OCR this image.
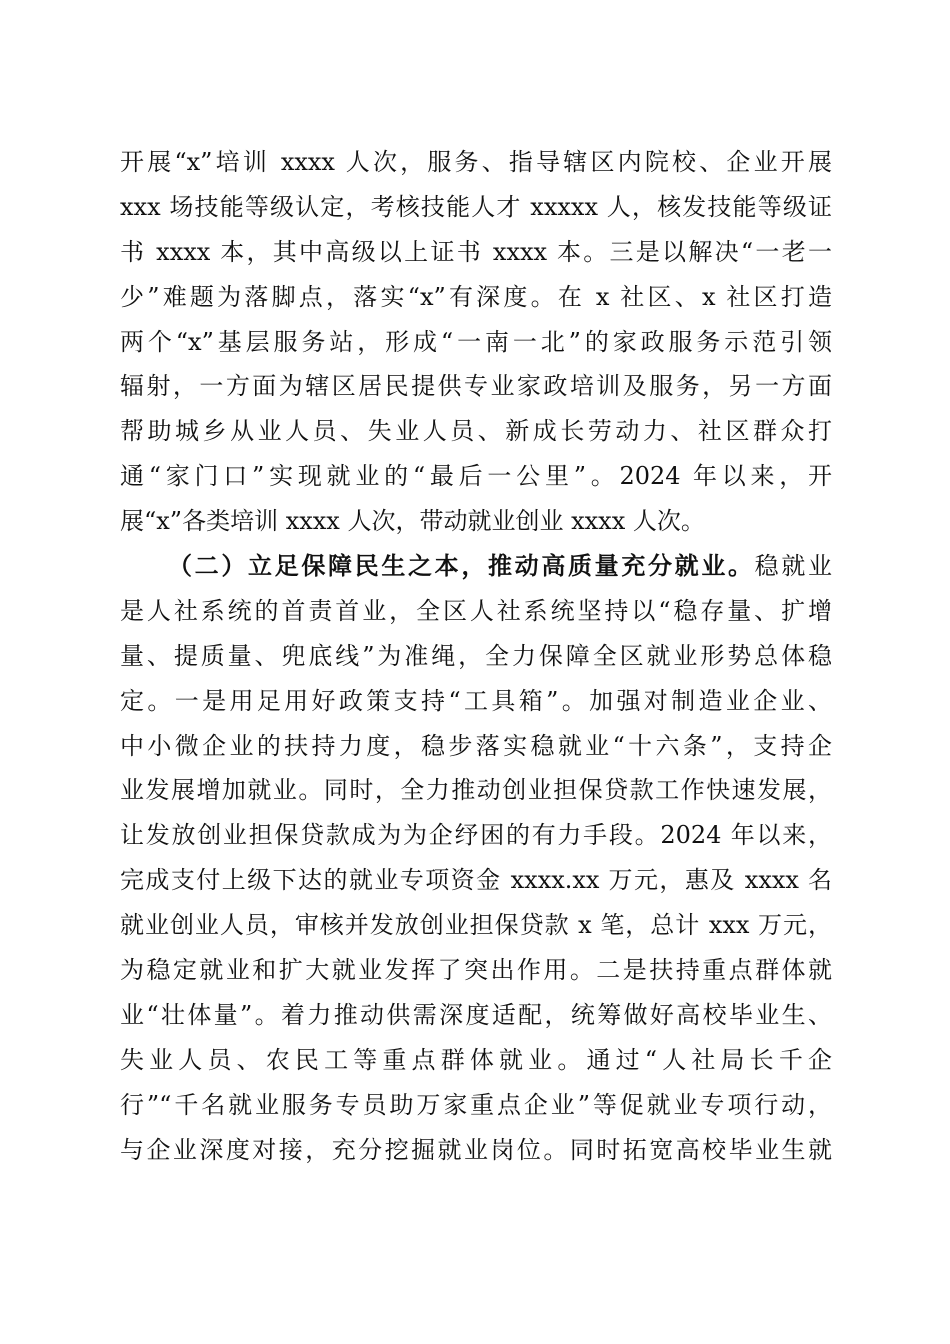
开展“x”培训 xxxx 人次，服务、指导辖区内院校、企业开展
xxx 场技能等级认定，考核技能人才 xxxxx 人，核发技能等级证
书 xxxx 本，其中高级以上证书 xxxx 本。三是以解决“一老一
少”难题为落脚点，落实“x”有深度。在 x 社区、x 社区打造
两个“x”基层服务站，形成“一南一北”的家政服务示范引领
辐射，一方面为辖区居民提供专业家政培训及服务，另一方面
帮助城乡从业人员、失业人员、新成长劳动力、社区群众打
通“家门口”实现就业的“最后一公里”。2024 年以来，开
展“x”各类培训 xxxx 人次，带动就业创业 xxxx 人次。
（二）立足保障民生之本，推动高质量充分就业。稳就业
是人社系统的首责首业，全区人社系统坚持以“稳存量、扩增
量、提质量、兜底线”为准绳，全力保障全区就业形势总体稳
定。一是用足用好政策支持“工具箱”。加强对制造业企业、
中小微企业的扶持力度，稳步落实稳就业“十六条”，支持企
业发展增加就业。同时，全力推动创业担保贷款工作快速发展，
让发放创业担保贷款成为为企纾困的有力手段。2024 年以来，
完成支付上级下达的就业专项资金 xxxx.xx 万元，惠及 xxxx 名
就业创业人员，审核并发放创业担保贷款 x 笔，总计 xxx 万元，
为稳定就业和扩大就业发挥了突出作用。二是扶持重点群体就
业“壮体量”。着力推动供需深度适配，统筹做好高校毕业生、
失业人员、农民工等重点群体就业。通过“人社局长千企
行”“千名就业服务专员助万家重点企业”等促就业专项行动，
与企业深度对接，充分挖掘就业岗位。同时拓宽高校毕业生就
